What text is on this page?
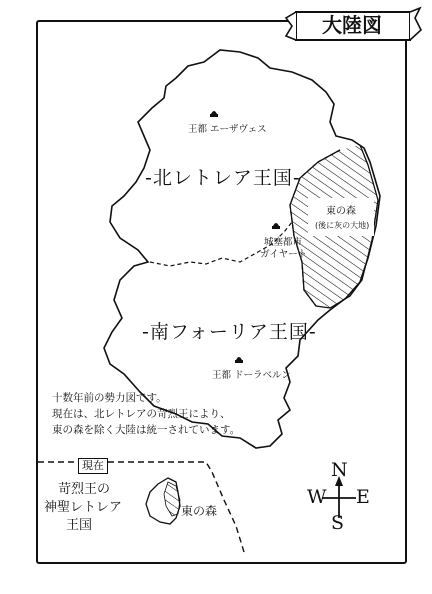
大陸図
-北レトレア王国-
-南フォーリア王国-
東の森
(後に灰の大地)
王都 エーザヴェス
城塞都市
ガイヤート
王都 ドーラベルン
十数年前の勢力図です。
現在は、北レトレアの苛烈王により、
東の森を除く大陸は統一されています。
現在
苛烈王の
神聖レトレア
王国
東の森
N
S
W E
